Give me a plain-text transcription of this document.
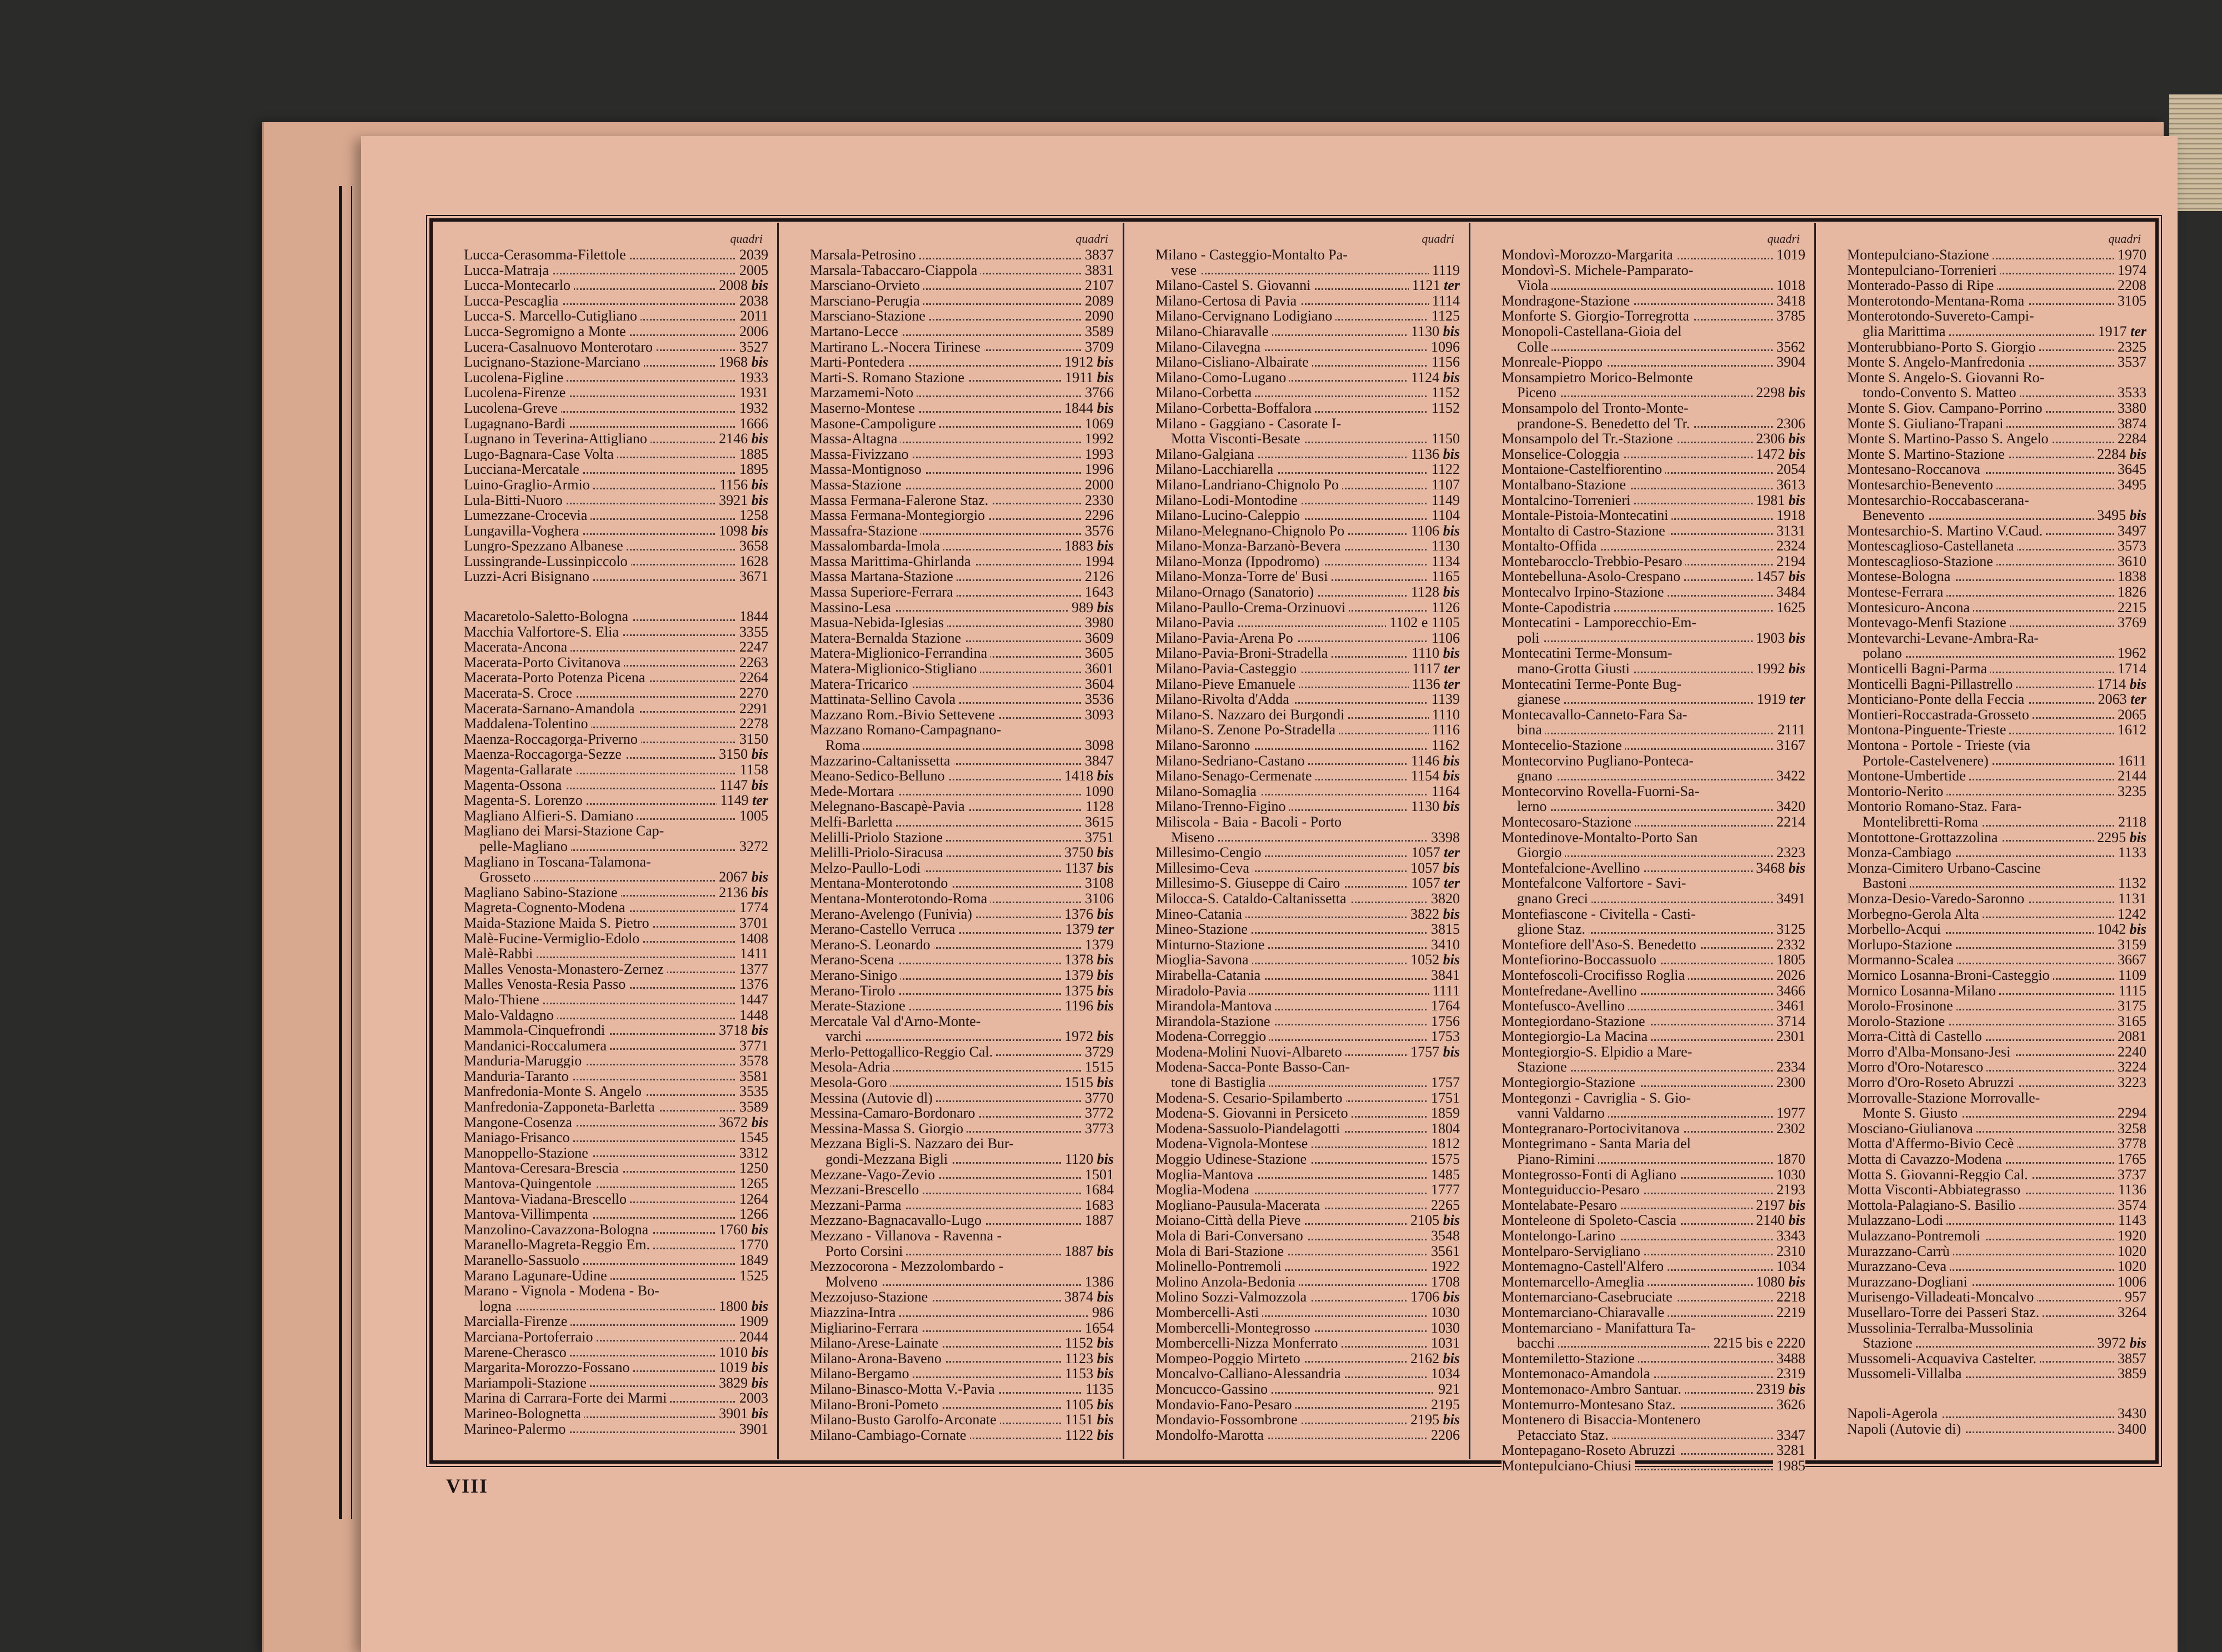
quadri
Lucca-Cerasomma-Filettole	2039
Lucca-Matraja	2005
Lucca-Montecarlo	2008 bis
Lucca-Pescaglia	2038
Lucca-S. Marcello-Cutigliano	2011
Lucca-Segromigno a Monte	2006
Lucera-Casalnuovo Monterotaro	3527
Lucignano-Stazione-Marciano	1968 bis
Lucolena-Figline	1933
Lucolena-Firenze	1931
Lucolena-Greve	1932
Lugagnano-Bardi	1666
Lugnano in Teverina-Attigliano	2146 bis
Lugo-Bagnara-Case Volta	1885
Lucciana-Mercatale	1895
Luino-Graglio-Armio	1156 bis
Lula-Bitti-Nuoro	3921 bis
Lumezzane-Crocevia	1258
Lungavilla-Voghera	1098 bis
Lungro-Spezzano Albanese	3658
Lussingrande-Lussinpiccolo	1628
Luzzi-Acri Bisignano	3671
Macaretolo-Saletto-Bologna	1844
Macchia Valfortore-S. Elia	3355
Macerata-Ancona	2247
Macerata-Porto Civitanova	2263
Macerata-Porto Potenza Picena	2264
Macerata-S. Croce	2270
Macerata-Sarnano-Amandola	2291
Maddalena-Tolentino	2278
Maenza-Roccagorga-Priverno	3150
Maenza-Roccagorga-Sezze	3150 bis
Magenta-Gallarate	1158
Magenta-Ossona	1147 bis
Magenta-S. Lorenzo	1149 ter
Magliano Alfieri-S. Damiano	1005
Magliano dei Marsi-Stazione Cap-
pelle-Magliano	3272
Magliano in Toscana-Talamona-
Grosseto	2067 bis
Magliano Sabino-Stazione	2136 bis
Magreta-Cognento-Modena	1774
Maida-Stazione Maida S. Pietro	3701
Malè-Fucine-Vermiglio-Edolo	1408
Malè-Rabbi	1411
Malles Venosta-Monastero-Zernez	1377
Malles Venosta-Resia Passo	1376
Malo-Thiene	1447
Malo-Valdagno	1448
Mammola-Cinquefrondi	3718 bis
Mandanici-Roccalumera	3771
Manduria-Maruggio	3578
Manduria-Taranto	3581
Manfredonia-Monte S. Angelo	3535
Manfredonia-Zapponeta-Barletta	3589
Mangone-Cosenza	3672 bis
Maniago-Frisanco	1545
Manoppello-Stazione	3312
Mantova-Ceresara-Brescia	1250
Mantova-Quingentole	1265
Mantova-Viadana-Brescello	1264
Mantova-Villimpenta	1266
Manzolino-Cavazzona-Bologna	1760 bis
Maranello-Magreta-Reggio Em.	1770
Maranello-Sassuolo	1849
Marano Lagunare-Udine	1525
Marano - Vignola - Modena - Bo-
logna	1800 bis
Marcialla-Firenze	1909
Marciana-Portoferraio	2044
Marene-Cherasco	1010 bis
Margarita-Morozzo-Fossano	1019 bis
Mariampoli-Stazione	3829 bis
Marina di Carrara-Forte dei Marmi	2003
Marineo-Bolognetta	3901 bis
Marineo-Palermo	3901
quadri
Marsala-Petrosino	3837
Marsala-Tabaccaro-Ciappola	3831
Marsciano-Orvieto	2107
Marsciano-Perugia	2089
Marsciano-Stazione	2090
Martano-Lecce	3589
Martirano L.-Nocera Tirinese	3709
Marti-Pontedera	1912 bis
Marti-S. Romano Stazione	1911 bis
Marzamemi-Noto	3766
Maserno-Montese	1844 bis
Masone-Campoligure	1069
Massa-Altagna	1992
Massa-Fivizzano	1993
Massa-Montignoso	1996
Massa-Stazione	2000
Massa Fermana-Falerone Staz.	2330
Massa Fermana-Montegiorgio	2296
Massafra-Stazione	3576
Massalombarda-Imola	1883 bis
Massa Marittima-Ghirlanda	1994
Massa Martana-Stazione	2126
Massa Superiore-Ferrara	1643
Massino-Lesa	989 bis
Masua-Nebida-Iglesias	3980
Matera-Bernalda Stazione	3609
Matera-Miglionico-Ferrandina	3605
Matera-Miglionico-Stigliano	3601
Matera-Tricarico	3604
Mattinata-Sellino Cavola	3536
Mazzano Rom.-Bivio Settevene	3093
Mazzano Romano-Campagnano-
Roma	3098
Mazzarino-Caltanissetta	3847
Meano-Sedico-Belluno	1418 bis
Mede-Mortara	1090
Melegnano-Bascapè-Pavia	1128
Melfi-Barletta	3615
Melilli-Priolo Stazione	3751
Melilli-Priolo-Siracusa	3750 bis
Melzo-Paullo-Lodi	1137 bis
Mentana-Monterotondo	3108
Mentana-Monterotondo-Roma	3106
Merano-Avelengo (Funivia)	1376 bis
Merano-Castello Verruca	1379 ter
Merano-S. Leonardo	1379
Merano-Scena	1378 bis
Merano-Sinigo	1379 bis
Merano-Tirolo	1375 bis
Merate-Stazione	1196 bis
Mercatale Val d'Arno-Monte-
varchi	1972 bis
Merlo-Pettogallico-Reggio Cal.	3729
Mesola-Adria	1515
Mesola-Goro	1515 bis
Messina (Autovie dl)	3770
Messina-Camaro-Bordonaro	3772
Messina-Massa S. Giorgio	3773
Mezzana Bigli-S. Nazzaro dei Bur-
gondi-Mezzana Bigli	1120 bis
Mezzane-Vago-Zevio	1501
Mezzani-Brescello	1684
Mezzani-Parma	1683
Mezzano-Bagnacavallo-Lugo	1887
Mezzano - Villanova - Ravenna -
Porto Corsini	1887 bis
Mezzocorona - Mezzolombardo -
Molveno	1386
Mezzojuso-Stazione	3874 bis
Miazzina-Intra	986
Migliarino-Ferrara	1654
Milano-Arese-Lainate	1152 bis
Milano-Arona-Baveno	1123 bis
Milano-Bergamo	1153 bis
Milano-Binasco-Motta V.-Pavia	1135
Milano-Broni-Pometo	1105 bis
Milano-Busto Garolfo-Arconate	1151 bis
Milano-Cambiago-Cornate	1122 bis
quadri
Milano - Casteggio-Montalto Pa-
vese	1119
Milano-Castel S. Giovanni	1121 ter
Milano-Certosa di Pavia	1114
Milano-Cervignano Lodigiano	1125
Milano-Chiaravalle	1130 bis
Milano-Cilavegna	1096
Milano-Cisliano-Albairate	1156
Milano-Como-Lugano	1124 bis
Milano-Corbetta	1152
Milano-Corbetta-Boffalora	1152
Milano - Gaggiano - Casorate I-
Motta Visconti-Besate	1150
Milano-Galgiana	1136 bis
Milano-Lacchiarella	1122
Milano-Landriano-Chignolo Po	1107
Milano-Lodi-Montodine	1149
Milano-Lucino-Caleppio	1104
Milano-Melegnano-Chignolo Po	1106 bis
Milano-Monza-Barzanò-Bevera	1130
Milano-Monza (Ippodromo)	1134
Milano-Monza-Torre de' Busi	1165
Milano-Ornago (Sanatorio)	1128 bis
Milano-Paullo-Crema-Orzinuovi	1126
Milano-Pavia	1102 e 1105
Milano-Pavia-Arena Po	1106
Milano-Pavia-Broni-Stradella	1110 bis
Milano-Pavia-Casteggio	1117 ter
Milano-Pieve Emanuele	1136 ter
Milano-Rivolta d'Adda	1139
Milano-S. Nazzaro dei Burgondi	1110
Milano-S. Zenone Po-Stradella	1116
Milano-Saronno	1162
Milano-Sedriano-Castano	1146 bis
Milano-Senago-Cermenate	1154 bis
Milano-Somaglia	1164
Milano-Trenno-Figino	1130 bis
Miliscola - Baia - Bacoli - Porto
Miseno	3398
Millesimo-Cengio	1057 ter
Millesimo-Ceva	1057 bis
Millesimo-S. Giuseppe di Cairo	1057 ter
Milocca-S. Cataldo-Caltanissetta	3820
Mineo-Catania	3822 bis
Mineo-Stazione	3815
Minturno-Stazione	3410
Mioglia-Savona	1052 bis
Mirabella-Catania	3841
Miradolo-Pavia	1111
Mirandola-Mantova	1764
Mirandola-Stazione	1756
Modena-Correggio	1753
Modena-Molini Nuovi-Albareto	1757 bis
Modena-Sacca-Ponte Basso-Can-
tone di Bastiglia	1757
Modena-S. Cesario-Spilamberto	1751
Modena-S. Giovanni in Persiceto	1859
Modena-Sassuolo-Piandelagotti	1804
Modena-Vignola-Montese	1812
Moggio Udinese-Stazione	1575
Moglia-Mantova	1485
Moglia-Modena	1777
Mogliano-Pausula-Macerata	2265
Moiano-Città della Pieve	2105 bis
Mola di Bari-Conversano	3548
Mola di Bari-Stazione	3561
Molinello-Pontremoli	1922
Molino Anzola-Bedonia	1708
Molino Sozzi-Valmozzola	1706 bis
Mombercelli-Asti	1030
Mombercelli-Montegrosso	1030
Mombercelli-Nizza Monferrato	1031
Mompeo-Poggio Mirteto	2162 bis
Moncalvo-Calliano-Alessandria	1034
Moncucco-Gassino	921
Mondavio-Fano-Pesaro	2195
Mondavio-Fossombrone	2195 bis
Mondolfo-Marotta	2206
quadri
Mondovì-Morozzo-Margarita	1019
Mondovì-S. Michele-Pamparato-
Viola	1018
Mondragone-Stazione	3418
Monforte S. Giorgio-Torregrotta	3785
Monopoli-Castellana-Gioia del
Colle	3562
Monreale-Pioppo	3904
Monsampietro Morico-Belmonte
Piceno	2298 bis
Monsampolo del Tronto-Monte-
prandone-S. Benedetto del Tr.	2306
Monsampolo del Tr.-Stazione	2306 bis
Monselice-Cologgia	1472 bis
Montaione-Castelfiorentino	2054
Montalbano-Stazione	3613
Montalcino-Torrenieri	1981 bis
Montale-Pistoia-Montecatini	1918
Montalto di Castro-Stazione	3131
Montalto-Offida	2324
Montebarocclo-Trebbio-Pesaro	2194
Montebelluna-Asolo-Crespano	1457 bis
Montecalvo Irpino-Stazione	3484
Monte-Capodistria	1625
Montecatini - Lamporecchio-Em-
poli	1903 bis
Montecatini Terme-Monsum-
mano-Grotta Giusti	1992 bis
Montecatini Terme-Ponte Bug-
gianese	1919 ter
Montecavallo-Canneto-Fara Sa-
bina	2111
Montecelio-Stazione	3167
Montecorvino Pugliano-Ponteca-
gnano	3422
Montecorvino Rovella-Fuorni-Sa-
lerno	3420
Montecosaro-Stazione	2214
Montedinove-Montalto-Porto San
Giorgio	2323
Montefalcione-Avellino	3468 bis
Montefalcone Valfortore - Savi-
gnano Greci	3491
Montefiascone - Civitella - Casti-
glione Staz.	3125
Montefiore dell'Aso-S. Benedetto	2332
Montefiorino-Boccassuolo	1805
Montefoscoli-Crocifisso Roglia	2026
Montefredane-Avellino	3466
Montefusco-Avellino	3461
Montegiordano-Stazione	3714
Montegiorgio-La Macina	2301
Montegiorgio-S. Elpidio a Mare-
Stazione	2334
Montegiorgio-Stazione	2300
Montegonzi - Cavriglia - S. Gio-
vanni Valdarno	1977
Montegranaro-Portocivitanova	2302
Montegrimano - Santa Maria del
Piano-Rimini	1870
Montegrosso-Fonti di Agliano	1030
Monteguiduccio-Pesaro	2193
Montelabate-Pesaro	2197 bis
Monteleone di Spoleto-Cascia	2140 bis
Montelongo-Larino	3343
Montelparo-Servigliano	2310
Montemagno-Castell'Alfero	1034
Montemarcello-Ameglia	1080 bis
Montemarciano-Casebruciate	2218
Montemarciano-Chiaravalle	2219
Montemarciano - Manifattura Ta-
bacchi	2215 bis e 2220
Montemiletto-Stazione	3488
Montemonaco-Amandola	2319
Montemonaco-Ambro Santuar.	2319 bis
Montemurro-Montesano Staz.	3626
Montenero di Bisaccia-Montenero
Petacciato Staz.	3347
Montepagano-Roseto Abruzzi	3281
Montepulciano-Chiusi	1985
quadri
Montepulciano-Stazione	1970
Montepulciano-Torrenieri	1974
Monterado-Passo di Ripe	2208
Monterotondo-Mentana-Roma	3105
Monterotondo-Suvereto-Campi-
glia Marittima	1917 ter
Monterubbiano-Porto S. Giorgio	2325
Monte S. Angelo-Manfredonia	3537
Monte S. Angelo-S. Giovanni Ro-
tondo-Convento S. Matteo	3533
Monte S. Giov. Campano-Porrino	3380
Monte S. Giuliano-Trapani	3874
Monte S. Martino-Passo S. Angelo	2284
Monte S. Martino-Stazione	2284 bis
Montesano-Roccanova	3645
Montesarchio-Benevento	3495
Montesarchio-Roccabascerana-
Benevento	3495 bis
Montesarchio-S. Martino V.Caud.	3497
Montescaglioso-Castellaneta	3573
Montescaglioso-Stazione	3610
Montese-Bologna	1838
Montese-Ferrara	1826
Montesicuro-Ancona	2215
Montevago-Menfi Stazione	3769
Montevarchi-Levane-Ambra-Ra-
polano	1962
Monticelli Bagni-Parma	1714
Monticelli Bagni-Pillastrello	1714 bis
Monticiano-Ponte della Feccia	2063 ter
Montieri-Roccastrada-Grosseto	2065
Montona-Pinguente-Trieste	1612
Montona - Portole - Trieste (via
Portole-Castelvenere)	1611
Montone-Umbertide	2144
Montorio-Nerito	3235
Montorio Romano-Staz. Fara-
Montelibretti-Roma	2118
Montottone-Grottazzolina	2295 bis
Monza-Cambiago	1133
Monza-Cimitero Urbano-Cascine
Bastoni	1132
Monza-Desio-Varedo-Saronno	1131
Morbegno-Gerola Alta	1242
Morbello-Acqui	1042 bis
Morlupo-Stazione	3159
Mormanno-Scalea	3667
Mornico Losanna-Broni-Casteggio	1109
Mornico Losanna-Milano	1115
Morolo-Frosinone	3175
Morolo-Stazione	3165
Morra-Città di Castello	2081
Morro d'Alba-Monsano-Jesi	2240
Morro d'Oro-Notaresco	3224
Morro d'Oro-Roseto Abruzzi	3223
Morrovalle-Stazione Morrovalle-
Monte S. Giusto	2294
Mosciano-Giulianova	3258
Motta d'Affermo-Bivio Cecè	3778
Motta di Cavazzo-Modena	1765
Motta S. Giovanni-Reggio Cal.	3737
Motta Visconti-Abbiategrasso	1136
Mottola-Palagiano-S. Basilio	3574
Mulazzano-Lodi	1143
Mulazzano-Pontremoli	1920
Murazzano-Carrù	1020
Murazzano-Ceva	1020
Murazzano-Dogliani	1006
Murisengo-Villadeati-Moncalvo	957
Musellaro-Torre dei Passeri Staz.	3264
Mussolinia-Terralba-Mussolinia
Stazione	3972 bis
Mussomeli-Acquaviva Castelter.	3857
Mussomeli-Villalba	3859
Napoli-Agerola	3430
Napoli (Autovie di)	3400
VIII
